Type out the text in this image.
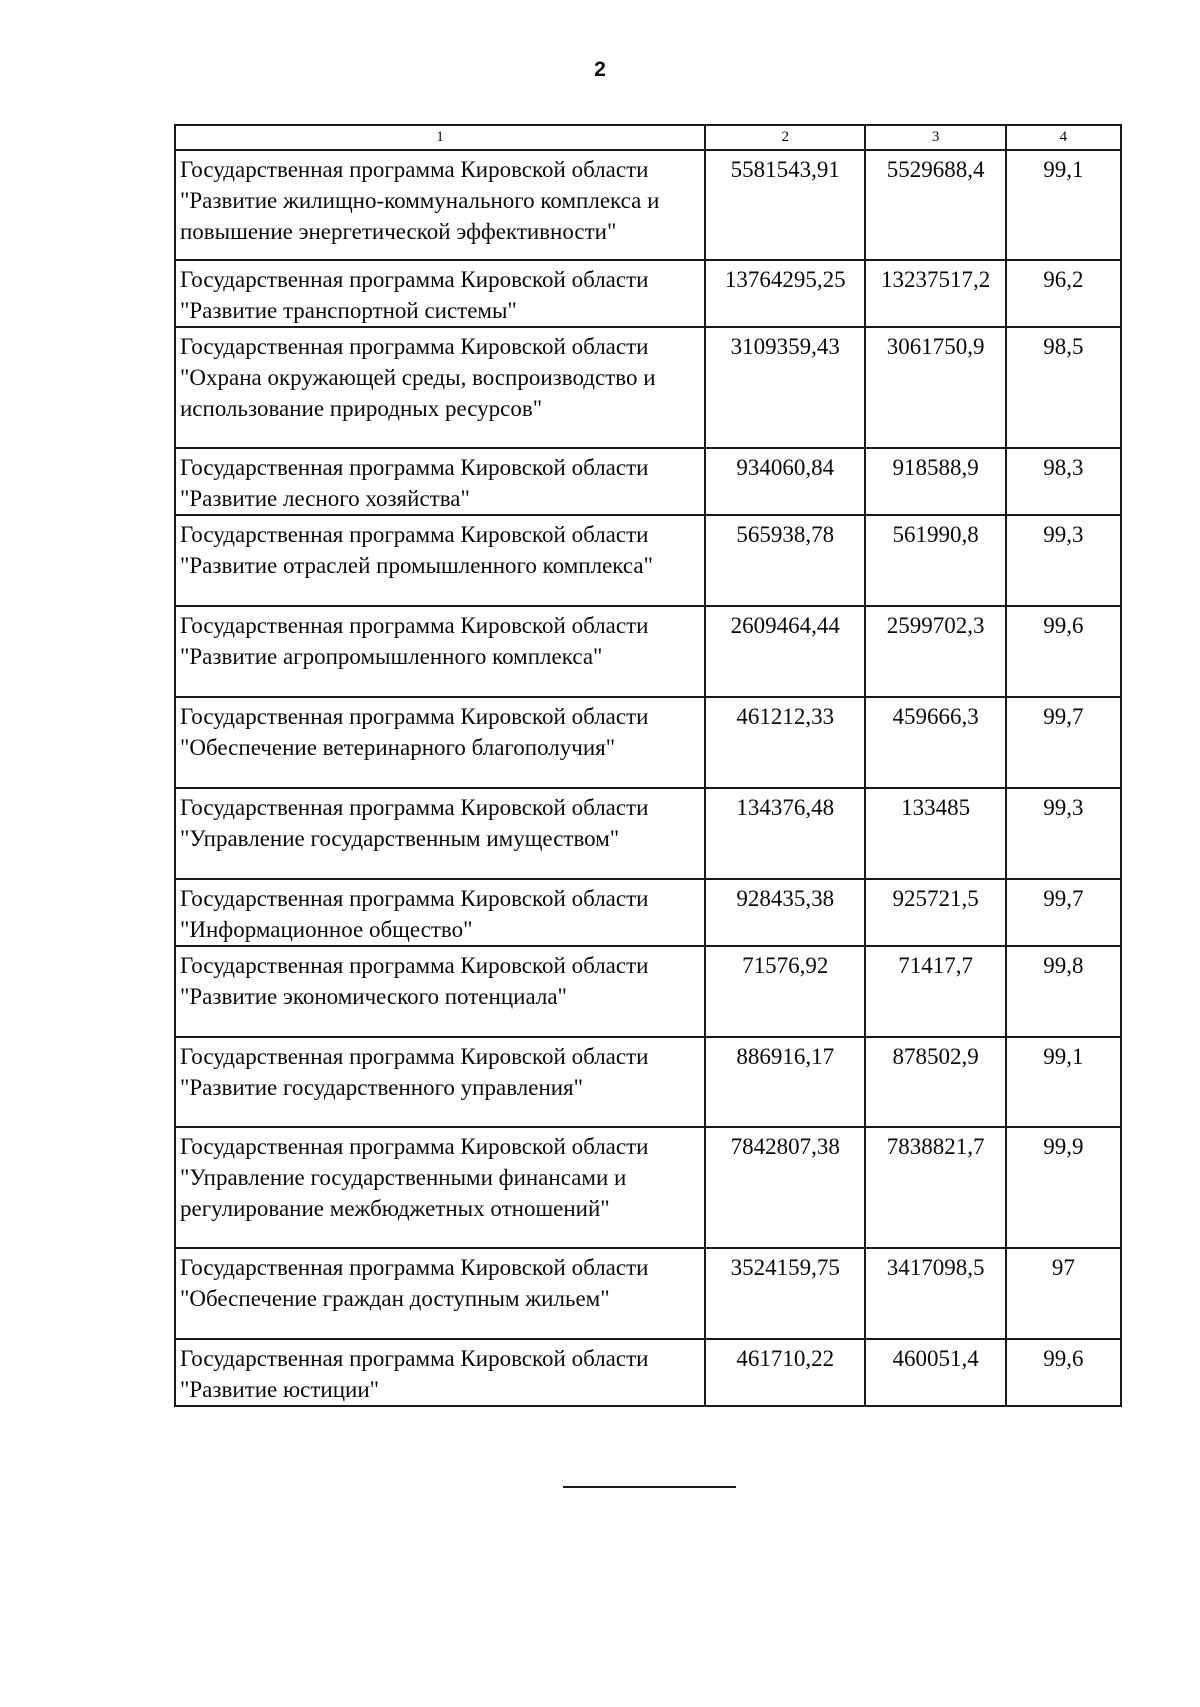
2
1	2	3	4
Государственная программа Кировской области "Развитие жилищно-коммунального комплекса и повышение энергетической эффективности"	5581543,91	5529688,4	99,1
Государственная программа Кировской области "Развитие транспортной системы"	13764295,25	13237517,2	96,2
Государственная программа Кировской области "Охрана окружающей среды, воспроизводство и использование природных ресурсов"	3109359,43	3061750,9	98,5
Государственная программа Кировской области "Развитие лесного хозяйства"	934060,84	918588,9	98,3
Государственная программа Кировской области "Развитие отраслей промышленного комплекса"	565938,78	561990,8	99,3
Государственная программа Кировской области "Развитие агропромышленного комплекса"	2609464,44	2599702,3	99,6
Государственная программа Кировской области "Обеспечение ветеринарного благополучия"	461212,33	459666,3	99,7
Государственная программа Кировской области "Управление государственным имуществом"	134376,48	133485	99,3
Государственная программа Кировской области "Информационное общество"	928435,38	925721,5	99,7
Государственная программа Кировской области "Развитие экономического потенциала"	71576,92	71417,7	99,8
Государственная программа Кировской области "Развитие государственного управления"	886916,17	878502,9	99,1
Государственная программа Кировской области "Управление государственными финансами и регулирование межбюджетных отношений"	7842807,38	7838821,7	99,9
Государственная программа Кировской области "Обеспечение граждан доступным жильем"	3524159,75	3417098,5	97
Государственная программа Кировской области "Развитие юстиции"	461710,22	460051,4	99,6
